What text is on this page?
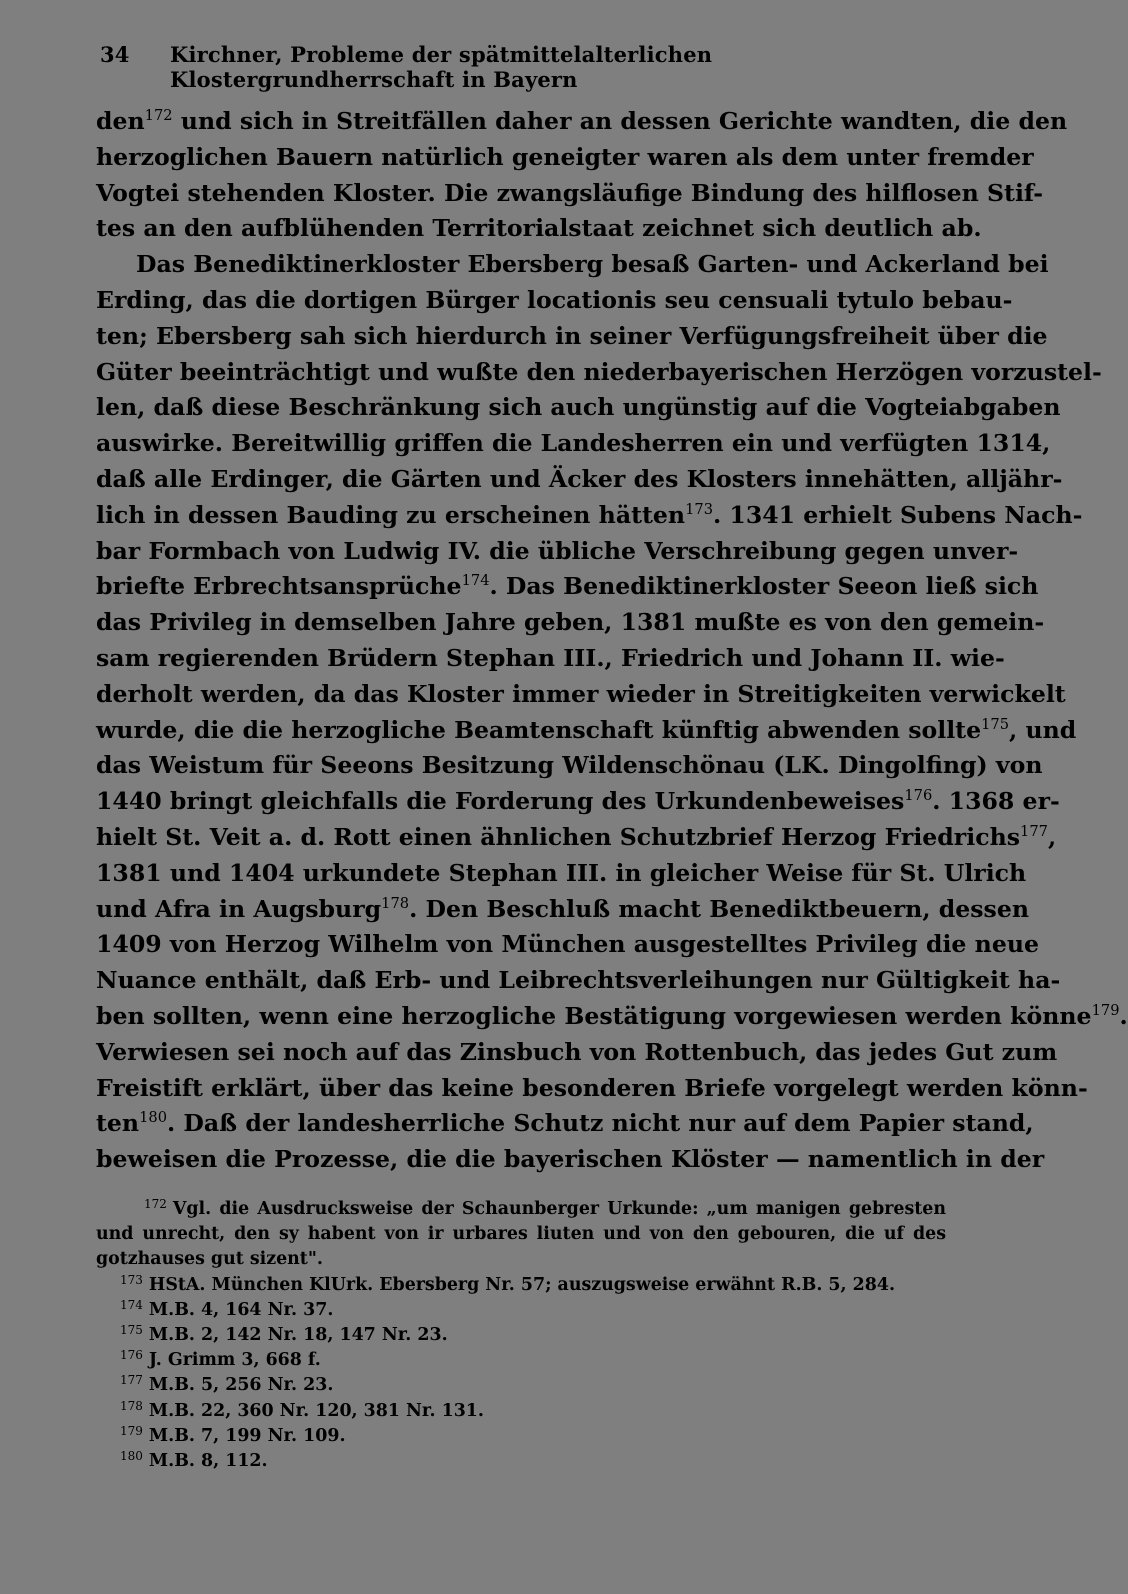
34	Kirchner, Probleme der spätmittelalterlichen Klostergrundherrschaft in Bayern
den$^{172}$ und sich in Streitfällen daher an dessen Gerichte wandten, die den
herzoglichen Bauern natürlich geneigter waren als dem unter fremder
Vogtei stehenden Kloster. Die zwangsläufige Bindung des hilflosen Stif-
tes an den aufblühenden Territorialstaat zeichnet sich deutlich ab.
Das Benediktinerkloster Ebersberg besaß Garten- und Ackerland bei
Erding, das die dortigen Bürger locationis seu censuali tytulo bebau-
ten; Ebersberg sah sich hierdurch in seiner Verfügungsfreiheit über die
Güter beeinträchtigt und wußte den niederbayerischen Herzögen vorzustel-
len, daß diese Beschränkung sich auch ungünstig auf die Vogteiabgaben
auswirke. Bereitwillig griffen die Landesherren ein und verfügten 1314,
daß alle Erdinger, die Gärten und Äcker des Klosters innehätten, alljähr-
lich in dessen Bauding zu erscheinen hätten$^{173}$. 1341 erhielt Subens Nach-
bar Formbach von Ludwig IV. die übliche Verschreibung gegen unver-
briefte Erbrechtsansprüche$^{174}$. Das Benediktinerkloster Seeon ließ sich
das Privileg in demselben Jahre geben, 1381 mußte es von den gemein-
sam regierenden Brüdern Stephan III., Friedrich und Johann II. wie-
derholt werden, da das Kloster immer wieder in Streitigkeiten verwickelt
wurde, die die herzogliche Beamtenschaft künftig abwenden sollte$^{175}$, und
das Weistum für Seeons Besitzung Wildenschönau (LK. Dingolfing) von
1440 bringt gleichfalls die Forderung des Urkundenbeweises$^{176}$. 1368 er-
hielt St. Veit a. d. Rott einen ähnlichen Schutzbrief Herzog Friedrichs$^{177}$,
1381 und 1404 urkundete Stephan III. in gleicher Weise für St. Ulrich
und Afra in Augsburg$^{178}$. Den Beschluß macht Benediktbeuern, dessen
1409 von Herzog Wilhelm von München ausgestelltes Privileg die neue
Nuance enthält, daß Erb- und Leibrechtsverleihungen nur Gültigkeit ha-
ben sollten, wenn eine herzogliche Bestätigung vorgewiesen werden könne$^{179}$.
Verwiesen sei noch auf das Zinsbuch von Rottenbuch, das jedes Gut zum
Freistift erklärt, über das keine besonderen Briefe vorgelegt werden könn-
ten$^{180}$. Daß der landesherrliche Schutz nicht nur auf dem Papier stand,
beweisen die Prozesse, die die bayerischen Klöster — namentlich in der
172 Vgl. die Ausdrucksweise der Schaunberger Urkunde: „um manigen gebresten
und unrecht, den sy habent von ir urbares liuten und von den gebouren, die uf des
gotzhauses gut sizent".
173 HStA. München KlUrk. Ebersberg Nr. 57; auszugsweise erwähnt R.B. 5, 284.
174 M.B. 4, 164 Nr. 37.
175 M.B. 2, 142 Nr. 18, 147 Nr. 23.
176 J. Grimm 3, 668 f.
177 M.B. 5, 256 Nr. 23.
178 M.B. 22, 360 Nr. 120, 381 Nr. 131.
179 M.B. 7, 199 Nr. 109.
180 M.B. 8, 112.
